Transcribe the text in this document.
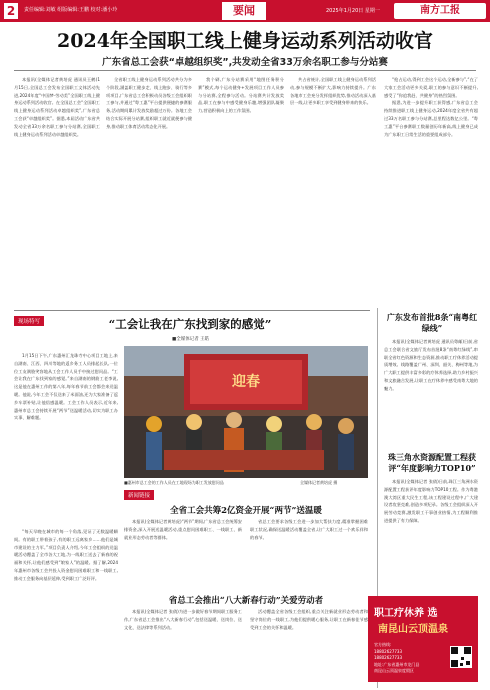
2	责任编辑:刘敏 组版编辑:王鹏 校对:潘小玲	要闻	2025年1月20日 星期一	南方工报
2024年全国职工线上健身运动系列活动收官
广东省总工会获“卓越组织奖”,共发动全省33万余名职工参与分站赛

本报讯(全媒体记者黄培虎 通讯员王鹤)1月15日,全国总工会发布全国职工文体活动先进,2024年度“中国梦·劳动美”全国职工线上健身运动系列活动收官。在全国总工会“全国职工线上健身运动系列活动卓越组织奖”,广东省总工会获“卓越组织奖”。据悉,本届活动广东省共发动全省33万余名职工参与分站赛,全国职工线上健身运动系列活动卓越组织奖。

全省职工线上健身运动系列活动共分为多个阶段,涵盖职工健步走、线上跑步、骑行等多项项目,广东省总工会积极动员各级工会组织职工参与,并通过“粤工惠”平台提供便捷的参赛服务,活动期间累计发放奖励超过万份。各地工会结合实际开展分站赛,组织职工就近就便参与健身,推动职工体育活动常态化开展。

我个刷,广东分站赛采用“地图任务积分赛”模式,每个运动健身+发展项目工作人员参与分站赛,全程参与活动。分站赛共计发放奖品,职工在参与中感受健身乐趣,增强团队凝聚力,营造积极向上的工作氛围。

共占省统计,全国职工线上健身运动系列活动,参与规模不断扩大,影响力持续提升。广东各地市工会充分发挥组织优势,推动活动深入基层一线,让更多职工享受到健身带来的快乐。

“抢占运动,得到工会这个运动,全新参与”,“在了大家工会活动更多关爱,职工的参与意识不断提升,感受了“你追我赶、共健身”的热烈氛围。

据悉,为进一步提升职工获得感,广东省总工会持续推进职工线上健身运动,2024年度全省共有超过33万名职工参与分站赛,总里程达数亿公里。“粤工惠”平台参赛职工数量创历年新高,线上健身已成为广东职工日常生活的重要组成部分。

现场特写	“工会让我在广东找到家的感觉”
■全媒体记者 王皓

1月15日下午,广东惠州汇龙珠寺中心项目工地上,来自湖南、江西、四川等地的返乡务工人员排起长队,一位位工友满脸笑容地从工会工作人员手中接过慰问品。“工会让我在广东找到家的感觉。”来自湖南的钢筋工老李说,这是他在惠州工作的第八年,每年春节前工会都会来送温暖。他说,今年工会不仅送来了米面油,还为大家准备了返乡车票补贴,让他倍感温暖。工会工作人员表示,近年来,惠州市总工会持续开展“两节”送温暖活动,切实为职工办实事、解难题。

“每天早晚在城市的每一个角落,见证了无数温暖瞬间。有的职工带着孩子,有的职工远离家乡……他们是城市建设的主力军。”项目负责人介绍,今年工会组织的送温暖活动覆盖了全市各大工地,为一线职工送去了新春的祝福和关怀,让他们感受到“娘家人”的温暖。据了解,2024年惠州市各级工会共投入资金慰问困难职工和一线职工,推动工会服务向基层延伸,受到职工广泛好评。

迎春
■惠州市总工会的工作人员在工地现场为职工发放慰问品	全媒体记者黄培虎 摄
新闻链接
全省工会共筹2亿资金开展“两节”送温暖

本报讯(全媒体记者黄培虎)“两节”期间,广东省总工会统筹安排资金,深入开展送温暖活动,重点慰问困难职工、一线职工、新就业形态劳动者等群体。

省总工会要求各级工会进一步加大帮扶力度,精准掌握困难职工状况,确保送温暖活动覆盖全省,让广大职工过一个欢乐祥和的春节。

省总工会推出“八大新春行动”关爱劳动者

本报讯(全媒体记者 张倩)为进一步做好春节期间职工服务工作,广东省总工会推出“八大新春行动”,包括送温暖、送岗位、送文化、送法律等系列活动。

活动覆盖全省各级工会组织,重点关注新就业形态劳动者和坚守岗位的一线职工,为他们提供暖心服务,让职工在新春佳节感受到工会的关怀和温暖。

广东发布首批8条“南粤红绿线”

本报讯(全媒体记者黄培虎 通讯员粤邮)日前,省总工会联合省文旅厅发布首批8条“南粤红绿线”,串联全省红色资源和生态资源,推动职工疗休养活动提质增效。线路覆盖广州、深圳、韶关、梅州等地,为广大职工提供丰富多彩的疗休养选择,助力乡村振兴和文旅融合发展,让职工在疗休养中感受南粤大地的魅力。

珠三角水资源配置工程获评“年度影响力TOP10”

本报讯(全媒体记者 张倩)日前,珠江三角洲水资源配置工程获评年度影响力TOP10工程。作为粤港澳大湾区重大民生工程,该工程建设过程中,广大建设者攻坚克难,创造多项纪录。各级工会组织深入开展劳动竞赛,激发职工干事创业热情,为工程顺利推进提供了有力保障。

职工疗休养 选
南昆山云顶温泉
官方热线:
18802627733
18802627733
地址:广东省惠州市龙门县
南昆山云顶温泉度假区
